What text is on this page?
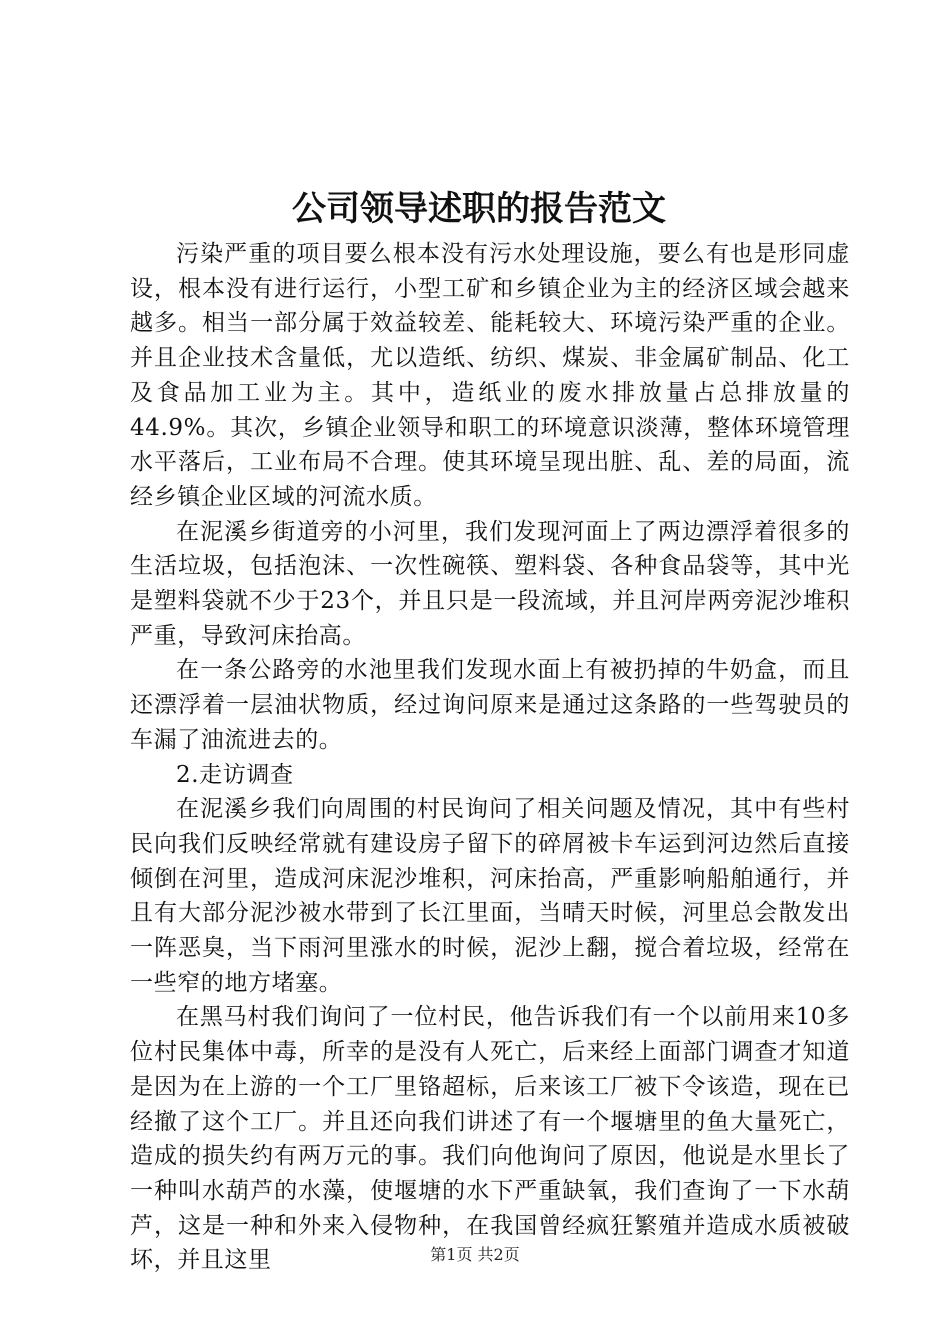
公司领导述职的报告范文

污染严重的项目要么根本没有污水处理设施，要么有也是形同虚设，根本没有进行运行，小型工矿和乡镇企业为主的经济区域会越来越多。相当一部分属于效益较差、能耗较大、环境污染严重的企业。并且企业技术含量低，尤以造纸、纺织、煤炭、非金属矿制品、化工及食品加工业为主。其中，造纸业的废水排放量占总排放量的44.9%。其次，乡镇企业领导和职工的环境意识淡薄，整体环境管理水平落后，工业布局不合理。使其环境呈现出脏、乱、差的局面，流经乡镇企业区域的河流水质。

在泥溪乡街道旁的小河里，我们发现河面上了两边漂浮着很多的生活垃圾，包括泡沫、一次性碗筷、塑料袋、各种食品袋等，其中光是塑料袋就不少于23个，并且只是一段流域，并且河岸两旁泥沙堆积严重，导致河床抬高。

在一条公路旁的水池里我们发现水面上有被扔掉的牛奶盒，而且还漂浮着一层油状物质，经过询问原来是通过这条路的一些驾驶员的车漏了油流进去的。

2.走访调查

在泥溪乡我们向周围的村民询问了相关问题及情况，其中有些村民向我们反映经常就有建设房子留下的碎屑被卡车运到河边然后直接倾倒在河里，造成河床泥沙堆积，河床抬高，严重影响船舶通行，并且有大部分泥沙被水带到了长江里面，当晴天时候，河里总会散发出一阵恶臭，当下雨河里涨水的时候，泥沙上翻，搅合着垃圾，经常在一些窄的地方堵塞。

在黑马村我们询问了一位村民，他告诉我们有一个以前用来10多位村民集体中毒，所幸的是没有人死亡，后来经上面部门调查才知道是因为在上游的一个工厂里铬超标，后来该工厂被下令该造，现在已经撤了这个工厂。并且还向我们讲述了有一个堰塘里的鱼大量死亡，造成的损失约有两万元的事。我们向他询问了原因，他说是水里长了一种叫水葫芦的水藻，使堰塘的水下严重缺氧，我们查询了一下水葫芦，这是一种和外来入侵物种，在我国曾经疯狂繁殖并造成水质被破坏，并且这里	第1页 共2页
